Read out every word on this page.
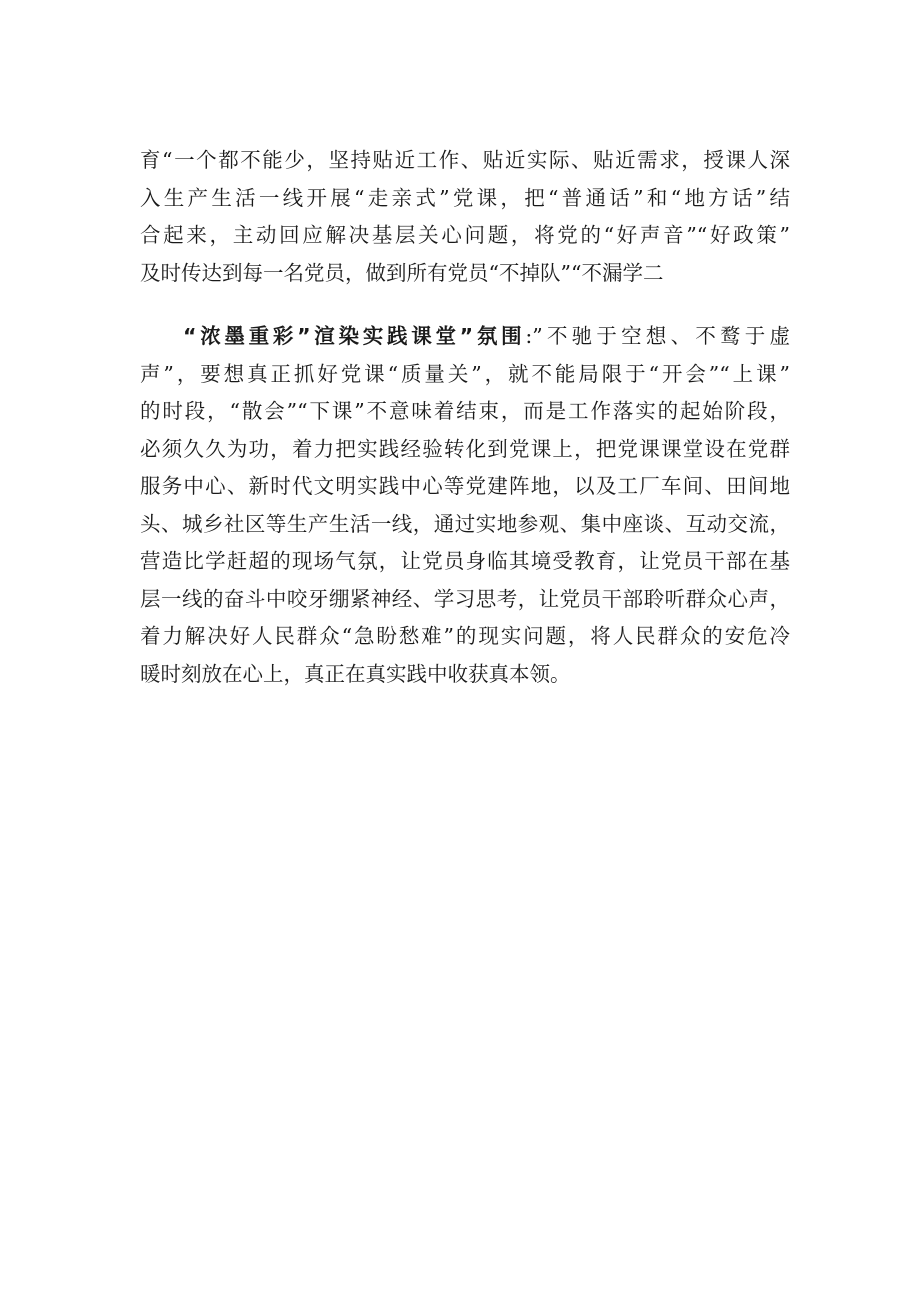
育“一个都不能少，坚持贴近工作、贴近实际、贴近需求，授课人深
入生产生活一线开展“走亲式”党课，把“普通话”和“地方话”结
合起来，主动回应解决基层关心问题，将党的“好声音”“好政策”
及时传达到每一名党员，做到所有党员“不掉队”“不漏学二
“浓墨重彩”渲染实践课堂”氛围:”不驰于空想、不鹜于虚
声”，要想真正抓好党课“质量关”，就不能局限于“开会”“上课”
的时段，“散会”“下课”不意味着结束，而是工作落实的起始阶段，
必须久久为功，着力把实践经验转化到党课上，把党课课堂设在党群
服务中心、新时代文明实践中心等党建阵地，以及工厂车间、田间地
头、城乡社区等生产生活一线，通过实地参观、集中座谈、互动交流，
营造比学赶超的现场气氛，让党员身临其境受教育，让党员干部在基
层一线的奋斗中咬牙绷紧神经、学习思考，让党员干部聆听群众心声，
着力解决好人民群众“急盼愁难”的现实问题，将人民群众的安危冷
暖时刻放在心上，真正在真实践中收获真本领。
